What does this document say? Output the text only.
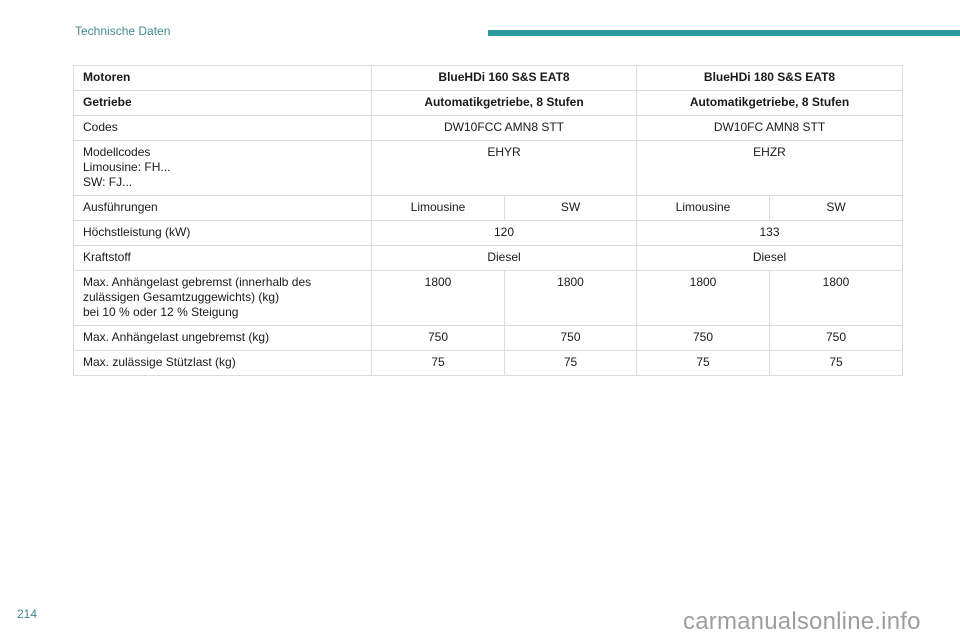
Technische Daten
Motoren	BlueHDi 160 S&S EAT8		BlueHDi 180 S&S EAT8	
Getriebe	Automatikgetriebe, 8 Stufen		Automatikgetriebe, 8 Stufen	
Codes	DW10FCC AMN8 STT		DW10FC AMN8 STT	
Modellcodes
Limousine: FH...
SW: FJ...	EHYR		EHZR	
Ausführungen	Limousine	SW	Limousine	SW
Höchstleistung (kW)	120		133	
Kraftstoff	Diesel		Diesel	
Max. Anhängelast gebremst (innerhalb des zulässigen Gesamtzuggewichts) (kg)
bei 10 % oder 12 % Steigung	1800	1800	1800	1800
Max. Anhängelast ungebremst (kg)	750	750	750	750
Max. zulässige Stützlast (kg)	75	75	75	75
214	carmanualsonline.info
